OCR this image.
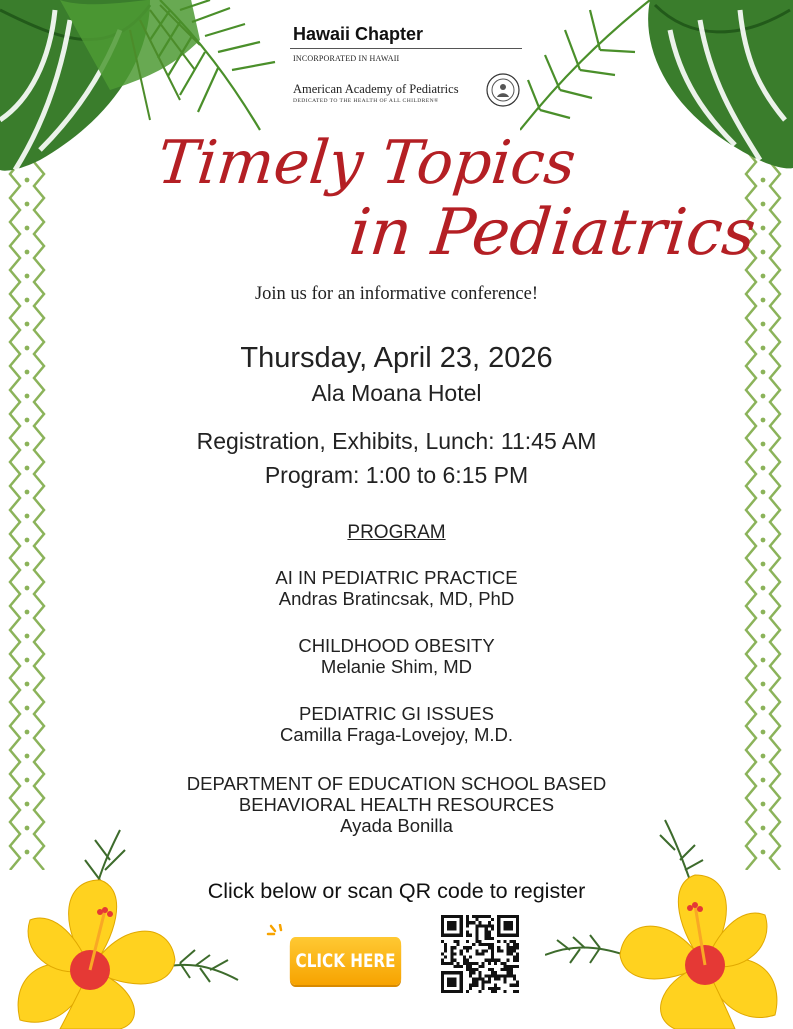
Hawaii Chapter
INCORPORATED IN HAWAII
American Academy of Pediatrics
DEDICATED TO THE HEALTH OF ALL CHILDREN®
Timely Topics
in Pediatrics
Join us for an informative conference!
Thursday, April 23, 2026
Ala Moana Hotel
Registration, Exhibits, Lunch: 11:45 AM
Program: 1:00 to 6:15 PM
PROGRAM
AI IN PEDIATRIC PRACTICE
Andras Bratincsak, MD, PhD
CHILDHOOD OBESITY
Melanie Shim, MD
PEDIATRIC GI ISSUES
Camilla Fraga-Lovejoy, M.D.
DEPARTMENT OF EDUCATION SCHOOL BASED
BEHAVIORAL HEALTH RESOURCES
Ayada Bonilla
Click below or scan QR code to register
CLICK HERE
